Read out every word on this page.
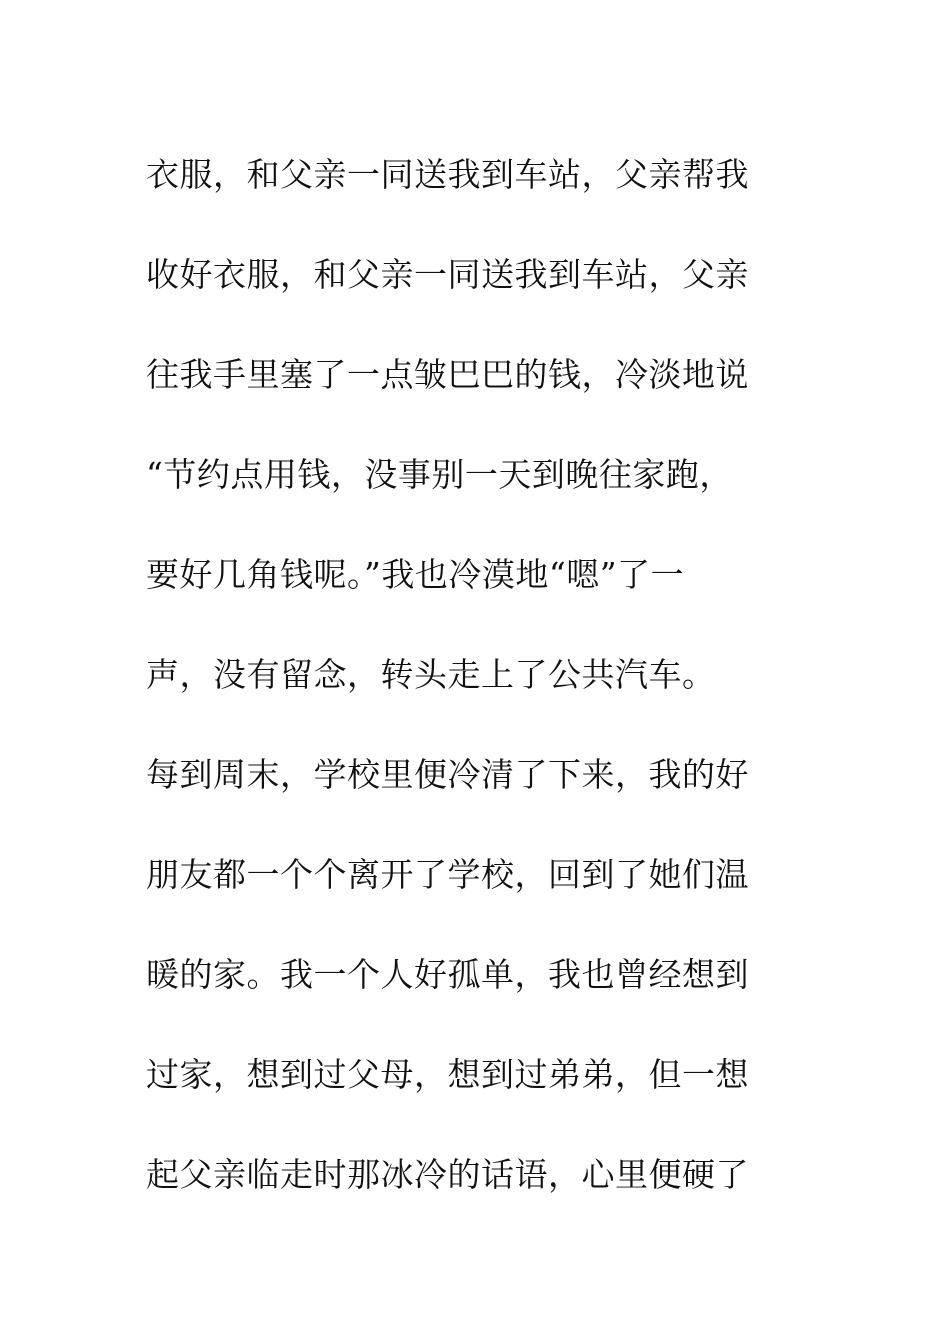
衣服，和父亲一同送我到车站，父亲帮我
收好衣服，和父亲一同送我到车站，父亲
往我手里塞了一点皱巴巴的钱，冷淡地说
“节约点用钱，没事别一天到晚往家跑，
要好几角钱呢。”我也冷漠地“嗯”了一
声，没有留念，转头走上了公共汽车。
每到周末，学校里便冷清了下来，我的好
朋友都一个个离开了学校，回到了她们温
暖的家。我一个人好孤单，我也曾经想到
过家，想到过父母，想到过弟弟，但一想
起父亲临走时那冰冷的话语，心里便硬了
